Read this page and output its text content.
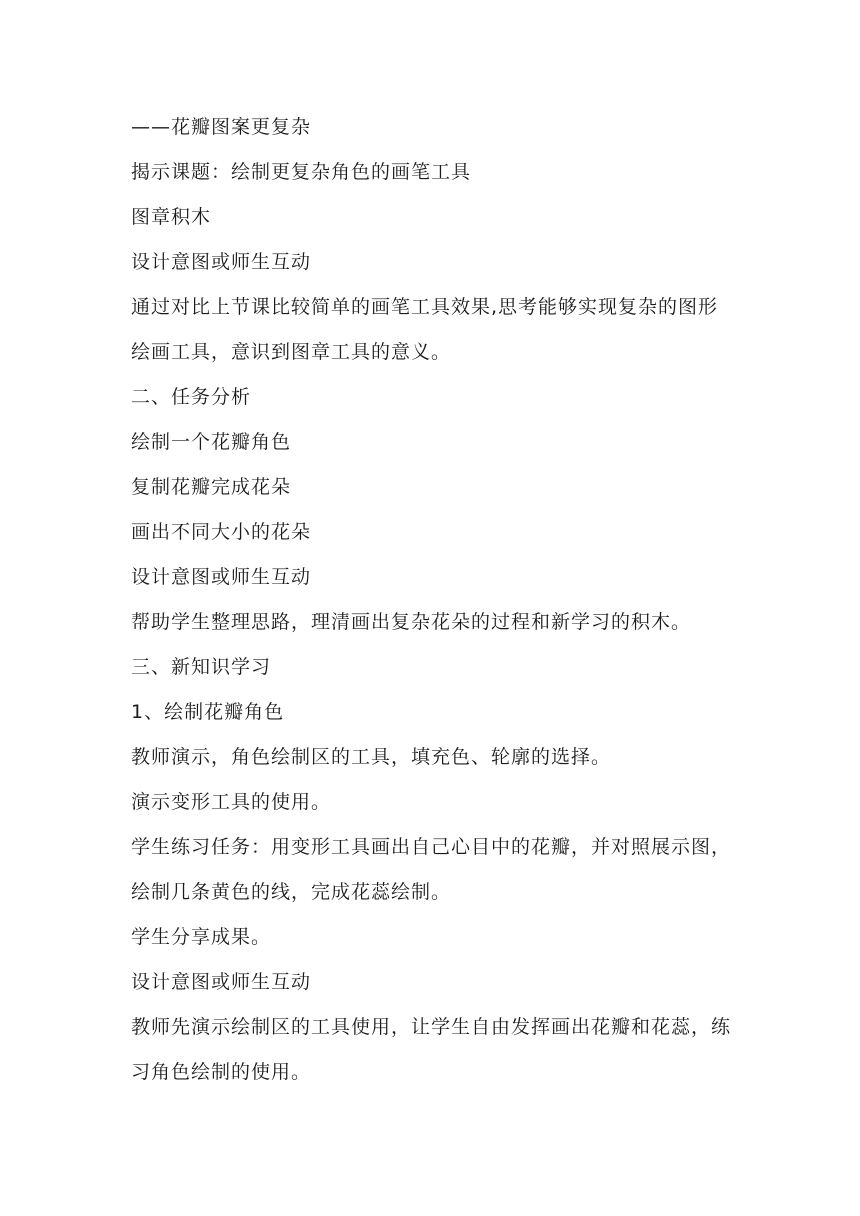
——花瓣图案更复杂
揭示课题：绘制更复杂角色的画笔工具
图章积木
设计意图或师生互动
通过对比上节课比较简单的画笔工具效果,思考能够实现复杂的图形
绘画工具，意识到图章工具的意义。
二、任务分析
绘制一个花瓣角色
复制花瓣完成花朵
画出不同大小的花朵
设计意图或师生互动
帮助学生整理思路，理清画出复杂花朵的过程和新学习的积木。
三、新知识学习
1、绘制花瓣角色
教师演示，角色绘制区的工具，填充色、轮廓的选择。
演示变形工具的使用。
学生练习任务：用变形工具画出自己心目中的花瓣，并对照展示图，
绘制几条黄色的线，完成花蕊绘制。
学生分享成果。
设计意图或师生互动
教师先演示绘制区的工具使用，让学生自由发挥画出花瓣和花蕊，练
习角色绘制的使用。
